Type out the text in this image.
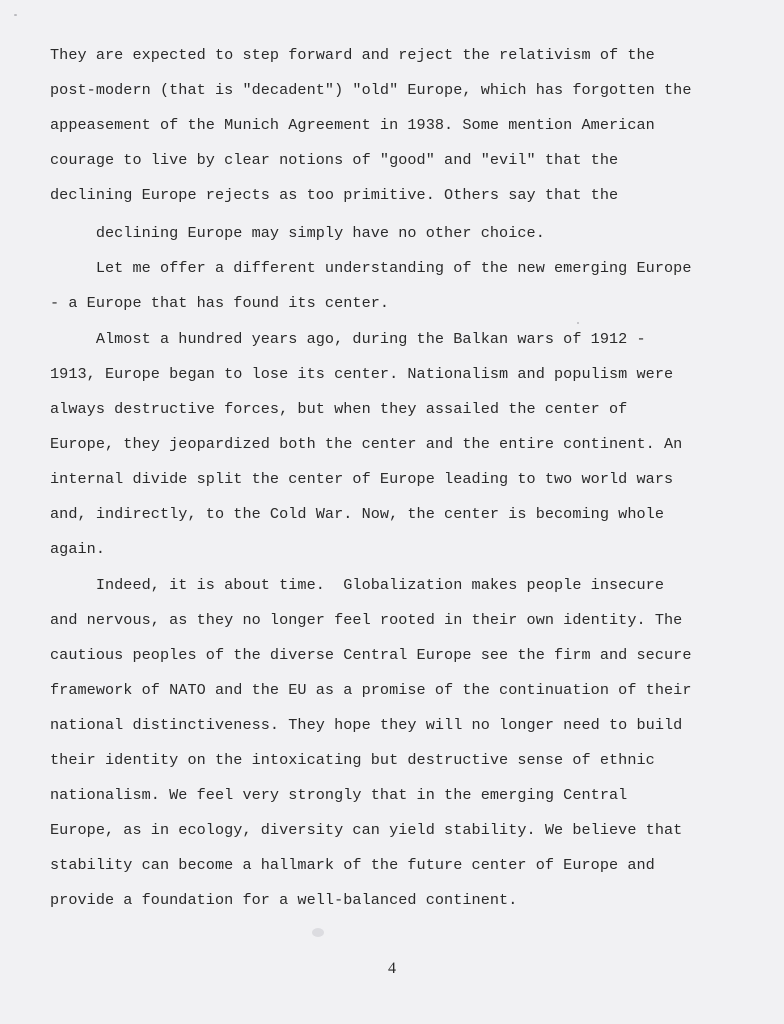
They are expected to step forward and reject the relativism of the
post-modern (that is "decadent") "old" Europe, which has forgotten the
appeasement of the Munich Agreement in 1938. Some mention American
courage to live by clear notions of "good" and "evil" that the
declining Europe rejects as too primitive. Others say that the
declining Europe may simply have no other choice.
Let me offer a different understanding of the new emerging Europe
- a Europe that has found its center.
Almost a hundred years ago, during the Balkan wars of 1912 -
1913, Europe began to lose its center. Nationalism and populism were
always destructive forces, but when they assailed the center of
Europe, they jeopardized both the center and the entire continent. An
internal divide split the center of Europe leading to two world wars
and, indirectly, to the Cold War. Now, the center is becoming whole
again.
Indeed, it is about time.  Globalization makes people insecure
and nervous, as they no longer feel rooted in their own identity. The
cautious peoples of the diverse Central Europe see the firm and secure
framework of NATO and the EU as a promise of the continuation of their
national distinctiveness. They hope they will no longer need to build
their identity on the intoxicating but destructive sense of ethnic
nationalism. We feel very strongly that in the emerging Central
Europe, as in ecology, diversity can yield stability. We believe that
stability can become a hallmark of the future center of Europe and
provide a foundation for a well-balanced continent.
4
